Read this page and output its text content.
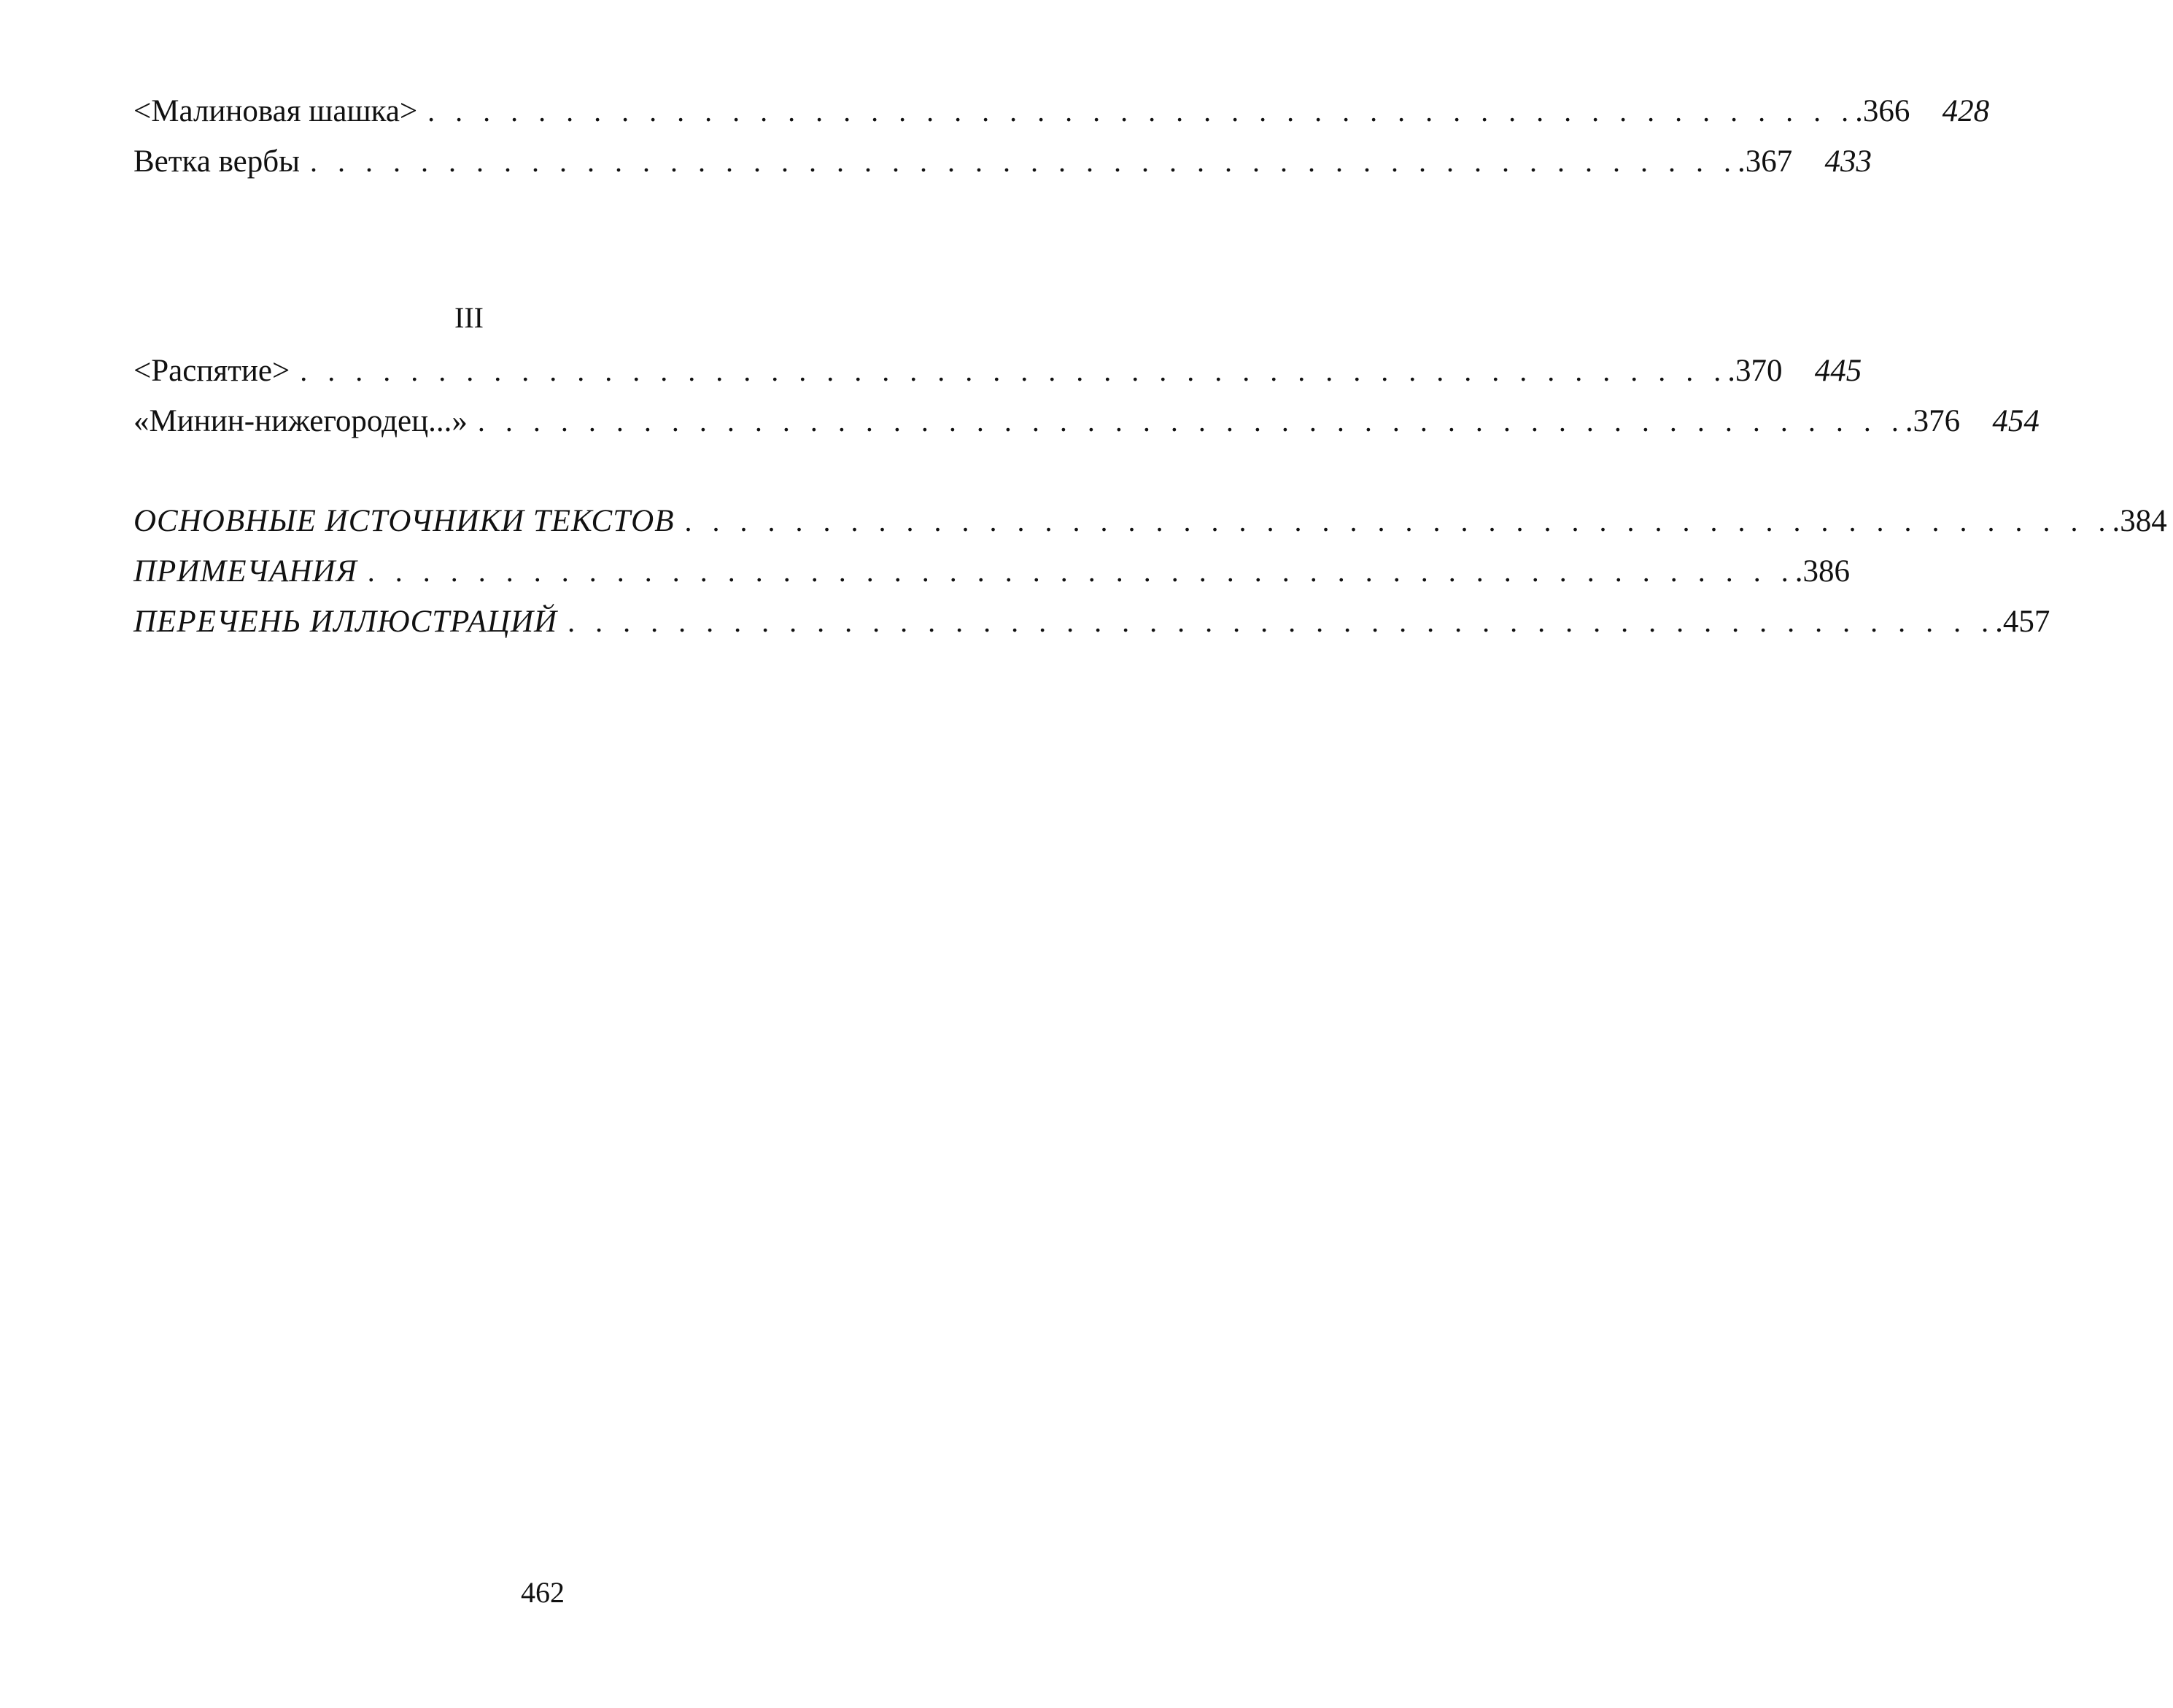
<Малиновая шашка> . . . . . . . . . . . . . . . . . . . . . . . . . . . . . . . . . . . . . . . . . . . . . . . . . . . . .366	428
Ветка вербы . . . . . . . . . . . . . . . . . . . . . . . . . . . . . . . . . . . . . . . . . . . . . . . . . . . . .367	433
III
<Распятие> . . . . . . . . . . . . . . . . . . . . . . . . . . . . . . . . . . . . . . . . . . . . . . . . . . . . .370	445
«Минин-нижегородец...» . . . . . . . . . . . . . . . . . . . . . . . . . . . . . . . . . . . . . . . . . . . . . . . . . . . . .376	454
ОСНОВНЫЕ ИСТОЧНИКИ ТЕКСТОВ . . . . . . . . . . . . . . . . . . . . . . . . . . . . . . . . . . . . . . . . . . . . . . . . . . . . .384
ПРИМЕЧАНИЯ . . . . . . . . . . . . . . . . . . . . . . . . . . . . . . . . . . . . . . . . . . . . . . . . . . . . .386
ПЕРЕЧЕНЬ ИЛЛЮСТРАЦИЙ . . . . . . . . . . . . . . . . . . . . . . . . . . . . . . . . . . . . . . . . . . . . . . . . . . . . .457
462
